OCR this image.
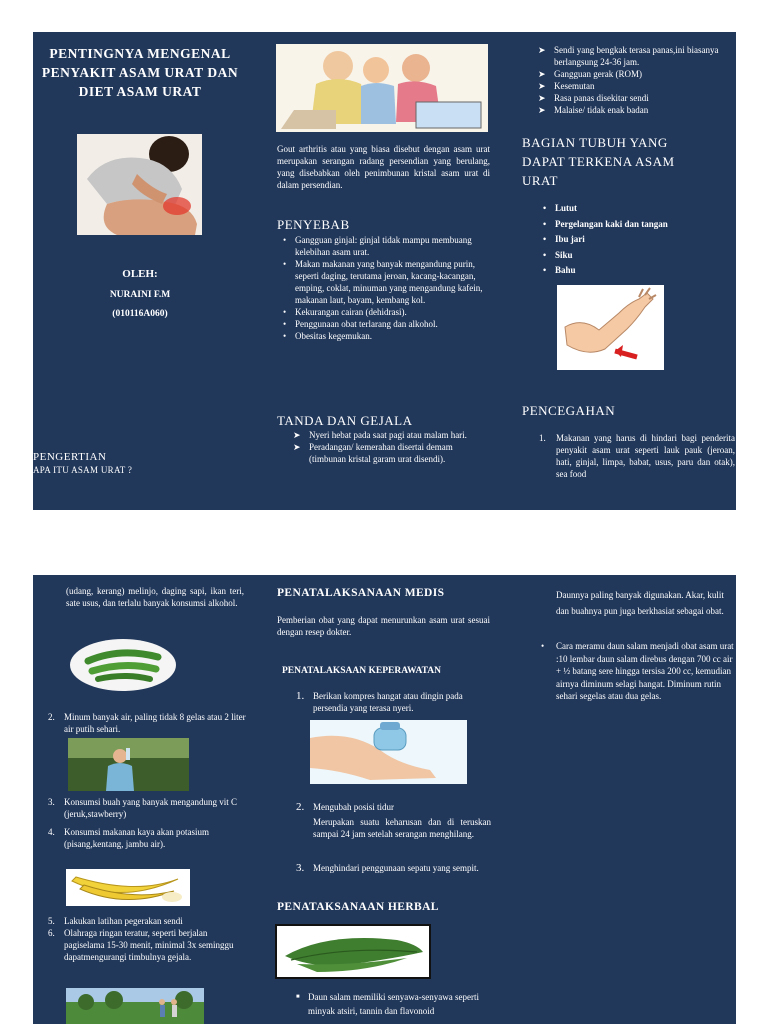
PENTINGNYA MENGENAL PENYAKIT ASAM URAT DAN DIET ASAM URAT
OLEH:
NURAINI F.M
(010116A060)
PENGERTIAN
APA ITU ASAM URAT ?
Gout arthritis atau yang biasa disebut dengan asam urat merupakan serangan radang persendian yang berulang, yang disebabkan oleh penimbunan kristal asam urat di dalam persendian.
PENYEBAB
• Gangguan ginjal: ginjal tidak mampu membuang kelebihan asam urat.
• Makan makanan yang banyak mengandung purin, seperti daging, terutama jeroan, kacang-kacangan, emping, coklat, minuman yang mengandung kafein, makanan laut, bayam, kembang kol.
• Kekurangan cairan (dehidrasi).
• Penggunaan obat terlarang dan alkohol.
• Obesitas kegemukan.
TANDA DAN GEJALA
➤ Nyeri hebat pada saat pagi atau malam hari.
➤ Peradangan/ kemerahan disertai demam (timbunan kristal garam urat disendi).
➤ Sendi yang bengkak terasa panas,ini biasanya berlangsung 24-36 jam.
➤ Gangguan gerak (ROM)
➤ Kesemutan
➤ Rasa panas disekitar sendi
➤ Malaise/ tidak enak badan
BAGIAN TUBUH YANG DAPAT TERKENA ASAM URAT
• Lutut
• Pergelangan kaki dan tangan
• Ibu jari
• Siku
• Bahu
PENCEGAHAN
1. Makanan yang harus di hindari bagi penderita penyakit asam urat seperti lauk pauk (jeroan, hati, ginjal, limpa, babat, usus, paru dan otak), sea food
(udang, kerang) melinjo, daging sapi, ikan teri, sate usus, dan terlalu banyak konsumsi alkohol.
2. Minum banyak air, paling tidak 8 gelas atau 2 liter air putih sehari.
3. Konsumsi buah yang banyak mengandung vit C (jeruk,stawberry)
4. Konsumsi makanan kaya akan potasium (pisang,kentang, jambu air).
5. Lakukan latihan pegerakan sendi
6. Olahraga ringan teratur, seperti berjalan pagiselama 15-30 menit, minimal 3x seminggu dapatmengurangi timbulnya gejala.
PENATALAKSANAAN MEDIS
Pemberian obat yang dapat menurunkan asam urat sesuai dengan resep dokter.
PENATALAKSAAN KEPERAWATAN
1. Berikan kompres hangat atau dingin pada persendia yang terasa nyeri.
2. Mengubah posisi tidur
Merupakan suatu keharusan dan di teruskan sampai 24 jam setelah serangan menghilang.
3. Menghindari penggunaan sepatu yang sempit.
PENATAKSANAAN HERBAL
■ Daun salam memiliki senyawa-senyawa seperti minyak atsiri, tannin dan flavonoid
Daunnya paling banyak digunakan. Akar, kulit dan buahnya pun juga berkhasiat sebagai obat.
• Cara meramu daun salam menjadi obat asam urat :10 lembar daun salam direbus dengan 700 cc air + ½ batang sere hingga tersisa 200 cc, kemudian airnya diminum selagi hangat. Diminum rutin sehari segelas atau dua gelas.
